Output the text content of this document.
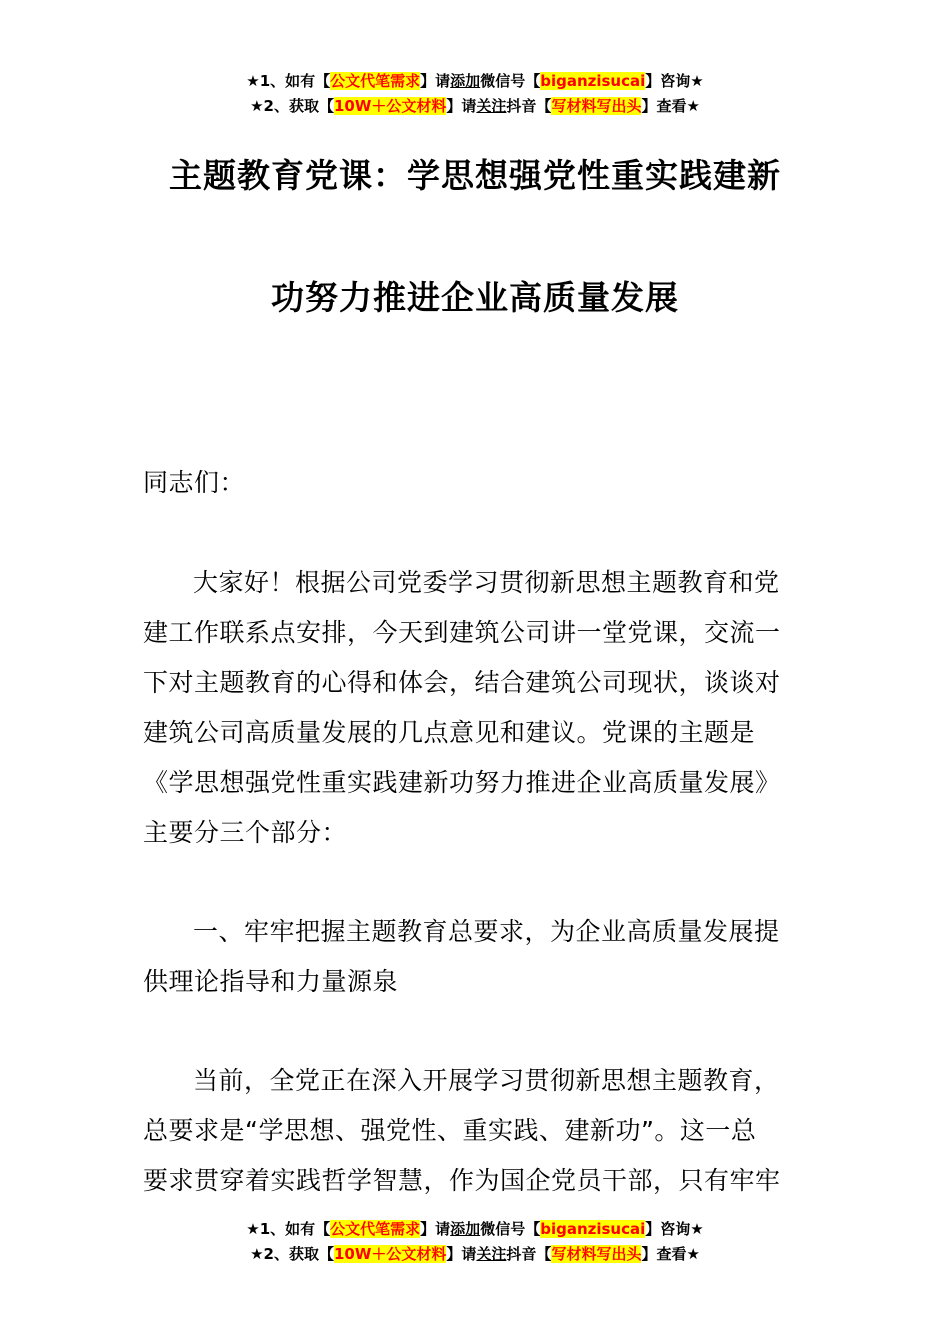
★1、如有【公文代笔需求】请添加微信号【biganzisucai】咨询★
★2、获取【10W＋公文材料】请关注抖音【写材料写出头】查看★
主题教育党课：学思想强党性重实践建新
功努力推进企业高质量发展
同志们：
大家好！根据公司党委学习贯彻新思想主题教育和党
建工作联系点安排，今天到建筑公司讲一堂党课，交流一
下对主题教育的心得和体会，结合建筑公司现状，谈谈对
建筑公司高质量发展的几点意见和建议。党课的主题是
《学思想强党性重实践建新功努力推进企业高质量发展》
主要分三个部分：
一、牢牢把握主题教育总要求，为企业高质量发展提
供理论指导和力量源泉
当前，全党正在深入开展学习贯彻新思想主题教育，
总要求是“学思想、强党性、重实践、建新功”。这一总
要求贯穿着实践哲学智慧，作为国企党员干部，只有牢牢
★1、如有【公文代笔需求】请添加微信号【biganzisucai】咨询★
★2、获取【10W＋公文材料】请关注抖音【写材料写出头】查看★
